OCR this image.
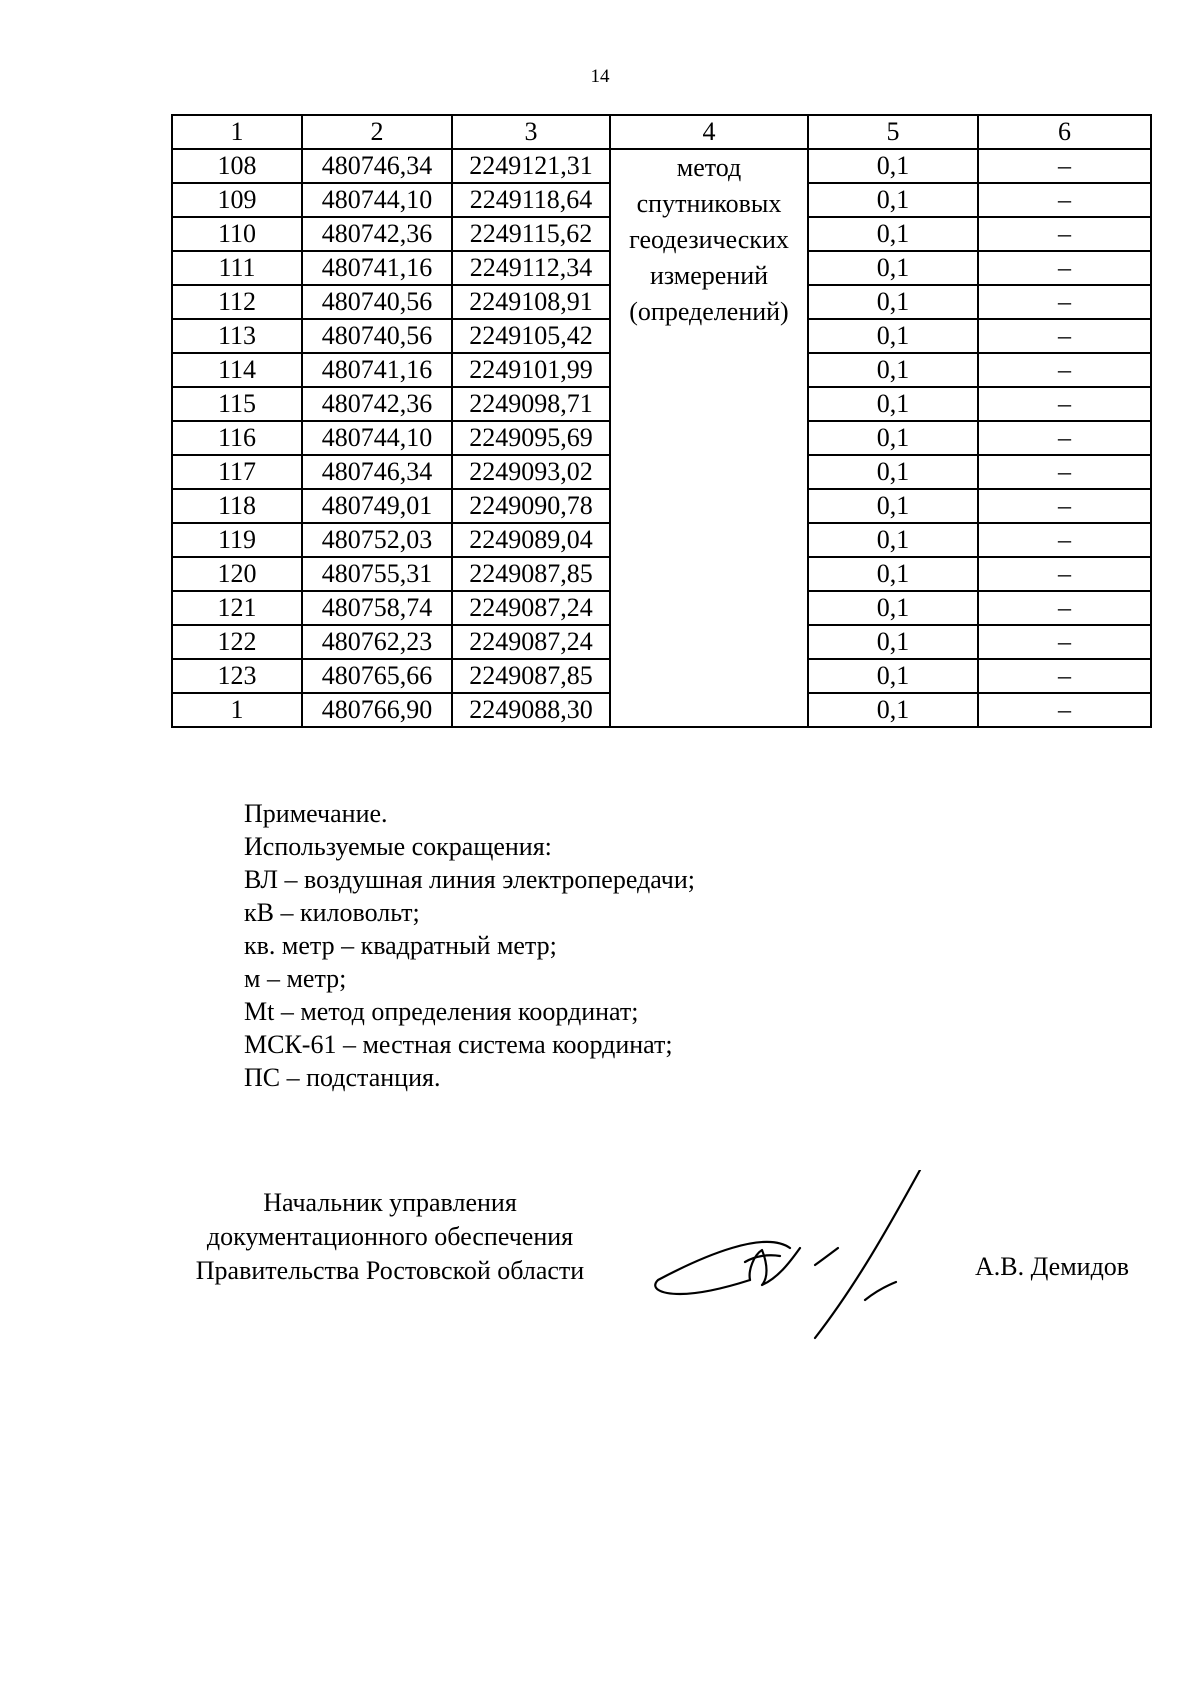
14
1	2	3	4	5	6
108	480746,34	2249121,31	метод
спутниковых
геодезических
измерений
(определений)	0,1	–
109	480744,10	2249118,64		0,1	–
110	480742,36	2249115,62		0,1	–
111	480741,16	2249112,34		0,1	–
112	480740,56	2249108,91		0,1	–
113	480740,56	2249105,42		0,1	–
114	480741,16	2249101,99		0,1	–
115	480742,36	2249098,71		0,1	–
116	480744,10	2249095,69		0,1	–
117	480746,34	2249093,02		0,1	–
118	480749,01	2249090,78		0,1	–
119	480752,03	2249089,04		0,1	–
120	480755,31	2249087,85		0,1	–
121	480758,74	2249087,24		0,1	–
122	480762,23	2249087,24		0,1	–
123	480765,66	2249087,85		0,1	–
1	480766,90	2249088,30		0,1	–
Примечание.
Используемые сокращения:
ВЛ – воздушная линия электропередачи;
кВ – киловольт;
кв. метр – квадратный метр;
м – метр;
Mt – метод определения координат;
МСК-61 – местная система координат;
ПС – подстанция.
Начальник управления
документационного обеспечения
Правительства Ростовской области	А.В. Демидов
